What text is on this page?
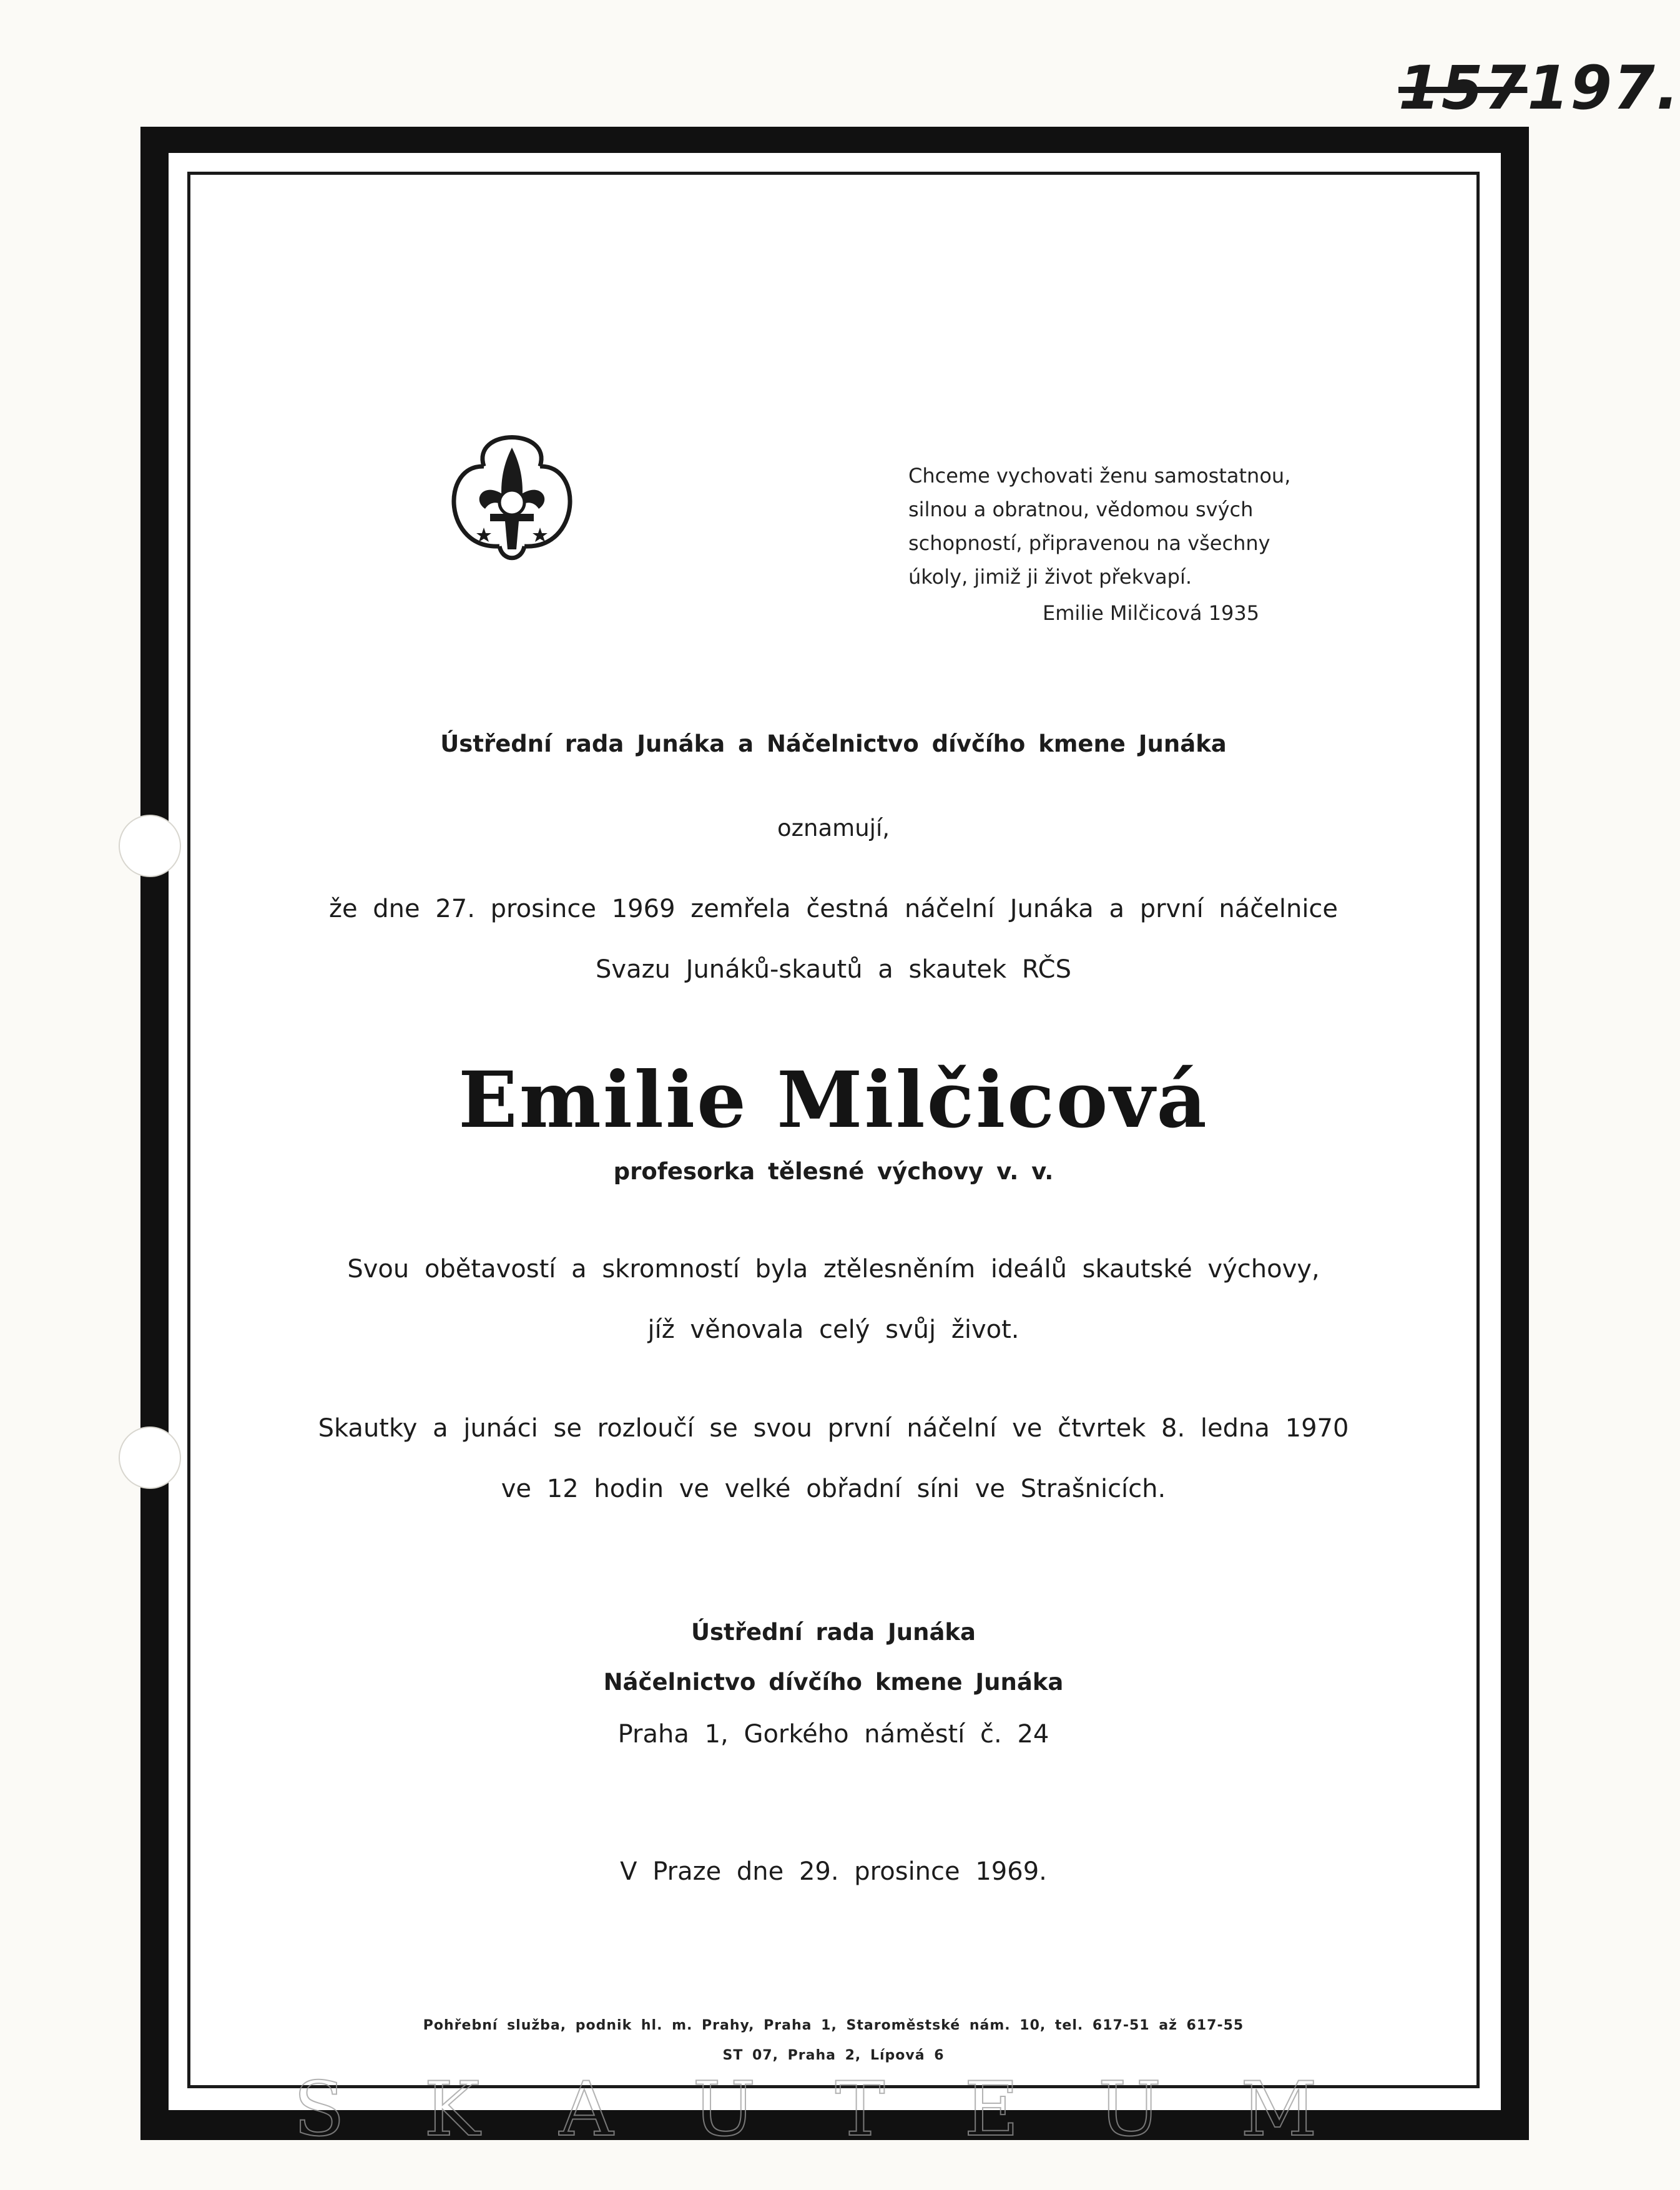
157197.
Chceme vychovati ženu samostatnou,
silnou a obratnou, vědomou svých
schopností, připravenou na všechny
úkoly, jimiž ji život překvapí.
Emilie Milčicová 1935
Ústřední rada Junáka a Náčelnictvo dívčího kmene Junáka
oznamují,
že dne 27. prosince 1969 zemřela čestná náčelní Junáka a první náčelnice
Svazu Junáků-skautů a skautek RČS
Emilie Milčicová
profesorka tělesné výchovy v. v.
Svou obětavostí a skromností byla ztělesněním ideálů skautské výchovy,
jíž věnovala celý svůj život.
Skautky a junáci se rozloučí se svou první náčelní ve čtvrtek 8. ledna 1970
ve 12 hodin ve velké obřadní síni ve Strašnicích.
Ústřední rada Junáka
Náčelnictvo dívčího kmene Junáka
Praha 1, Gorkého náměstí č. 24
V Praze dne 29. prosince 1969.
Pohřební služba, podnik hl. m. Prahy, Praha 1, Staroměstské nám. 10, tel. 617-51 až 617-55
ST 07, Praha 2, Lípová 6
S K A U T E U M
